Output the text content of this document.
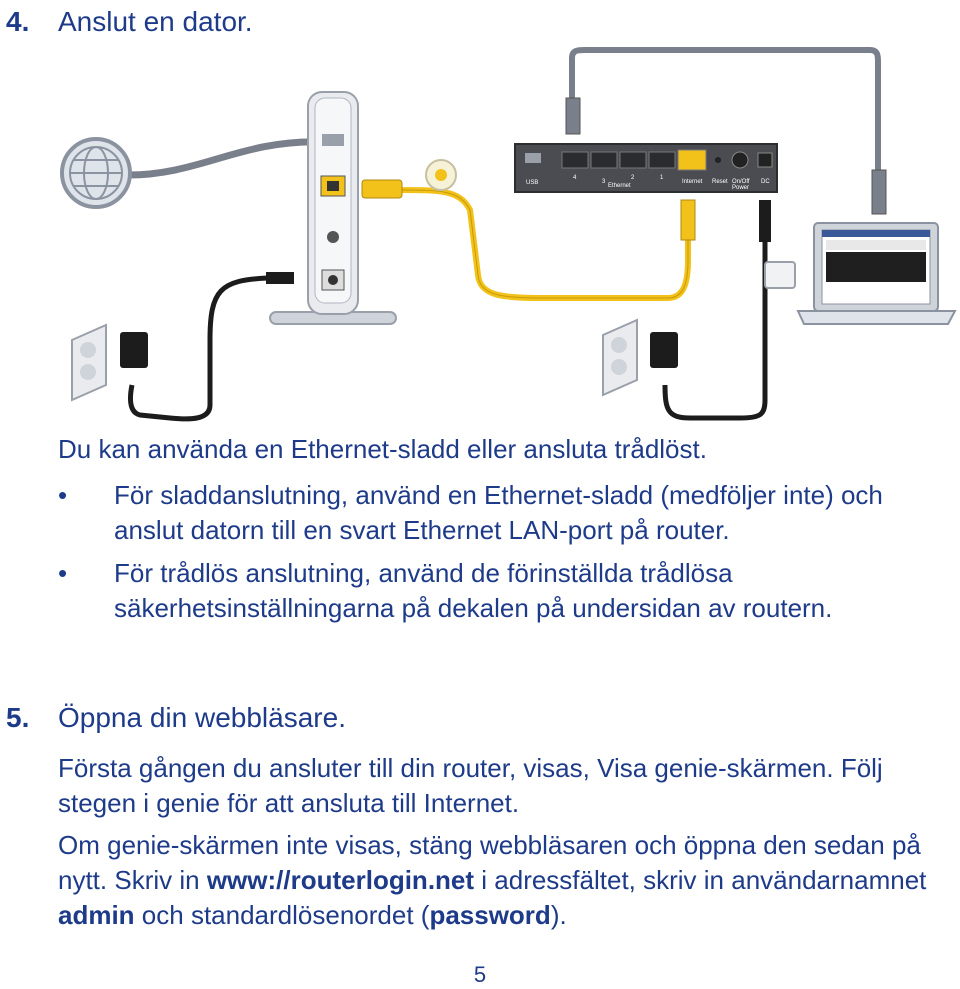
4. Anslut en dator.
USB
4
3
2	1
Ethernet
Internet Reset On/Off
Power
DC
Du kan använda en Ethernet-sladd eller ansluta trådlöst.
• För sladdanslutning, använd en Ethernet-sladd (medföljer inte) och anslut datorn till en svart Ethernet LAN-port på router.
• För trådlös anslutning, använd de förinställda trådlösa säkerhetsinställningarna på dekalen på undersidan av routern.
5. Öppna din webbläsare.
Första gången du ansluter till din router, visas, Visa genie-skärmen. Följ stegen i genie för att ansluta till Internet.
Om genie-skärmen inte visas, stäng webbläsaren och öppna den sedan på nytt. Skriv in www://routerlogin.net i adressfältet, skriv in användarnamnet admin och standardlösenordet (password).
5
